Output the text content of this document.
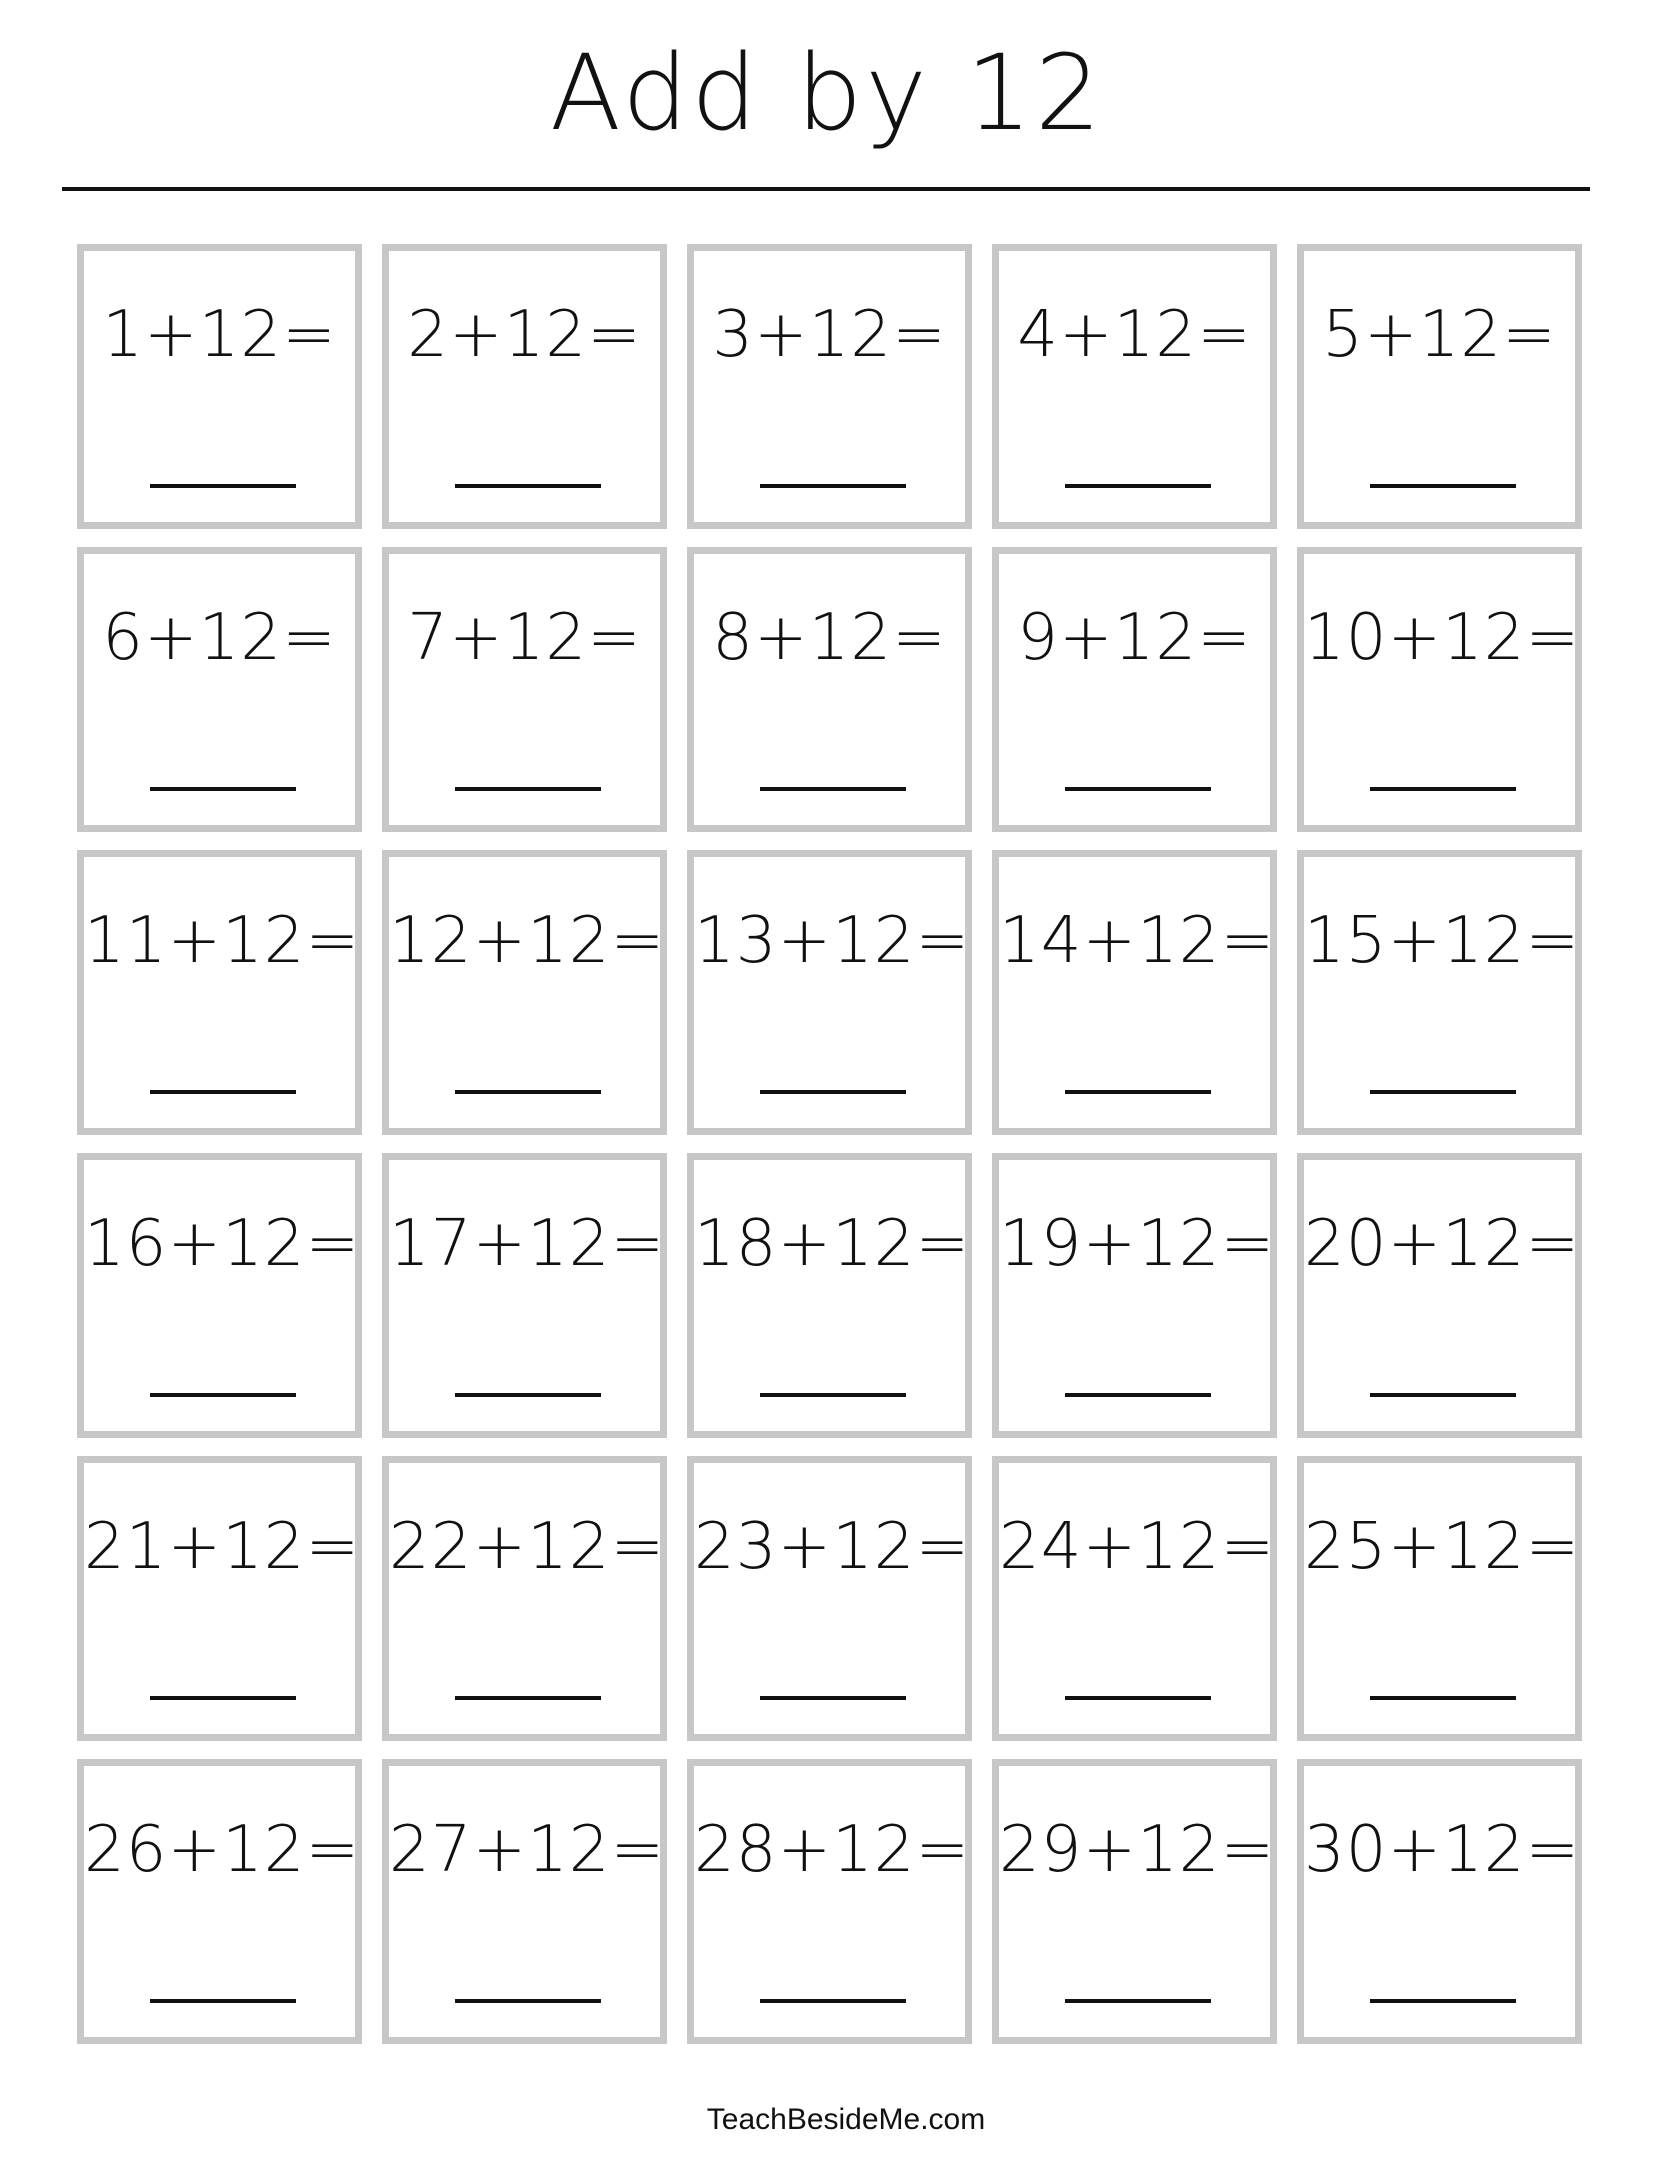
Add by 12
1+12= 2+12= 3+12= 4+12= 5+12=
6+12= 7+12= 8+12= 9+12= 10+12=
11+12= 12+12= 13+12= 14+12= 15+12=
16+12= 17+12= 18+12= 19+12= 20+12=
21+12= 22+12= 23+12= 24+12= 25+12=
26+12= 27+12= 28+12= 29+12= 30+12=
TeachBesideMe.com
